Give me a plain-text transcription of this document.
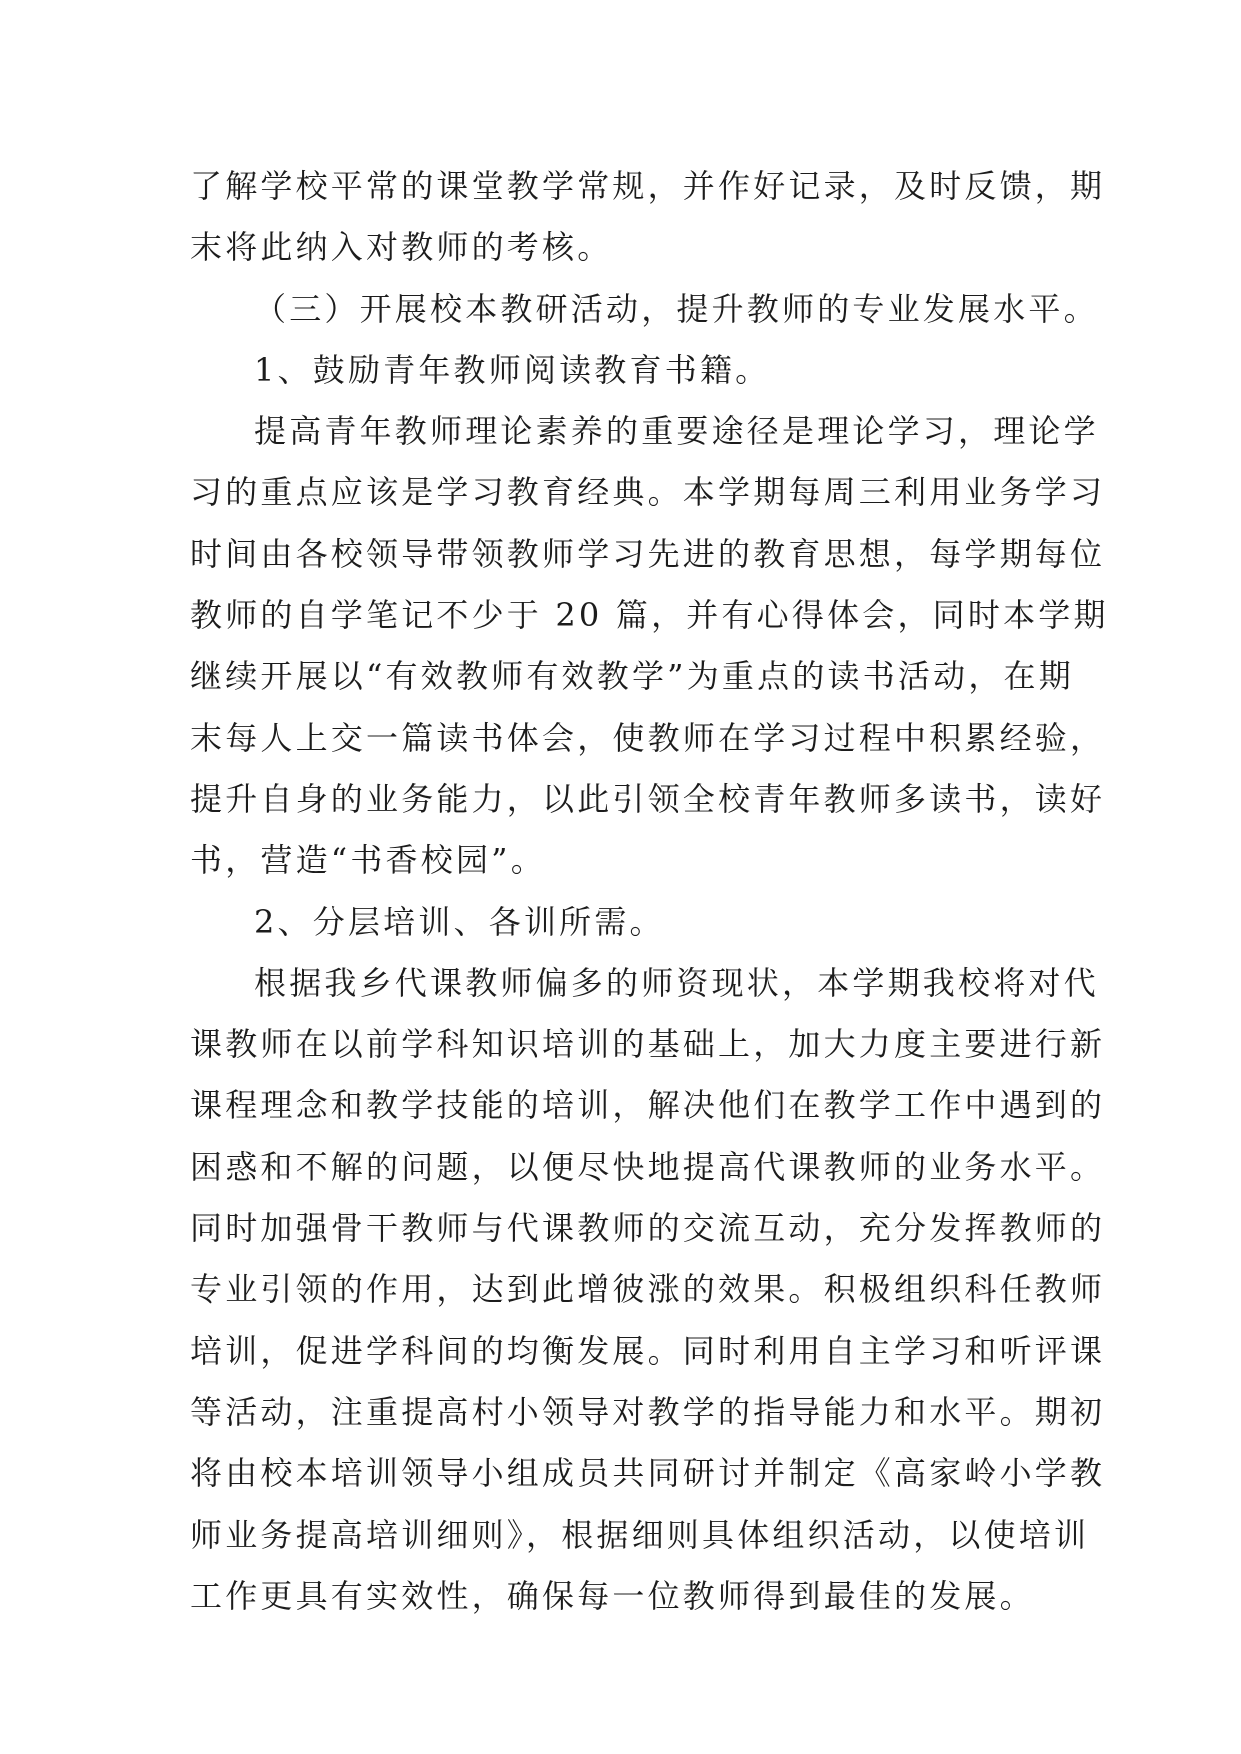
了解学校平常的课堂教学常规，并作好记录，及时反馈，期
末将此纳入对教师的考核。
（三）开展校本教研活动，提升教师的专业发展水平。
1、鼓励青年教师阅读教育书籍。
提高青年教师理论素养的重要途径是理论学习，理论学
习的重点应该是学习教育经典。本学期每周三利用业务学习
时间由各校领导带领教师学习先进的教育思想，每学期每位
教师的自学笔记不少于 20 篇，并有心得体会，同时本学期
继续开展以“有效教师有效教学”为重点的读书活动，在期
末每人上交一篇读书体会，使教师在学习过程中积累经验，
提升自身的业务能力，以此引领全校青年教师多读书，读好
书，营造“书香校园”。
2、分层培训、各训所需。
根据我乡代课教师偏多的师资现状，本学期我校将对代
课教师在以前学科知识培训的基础上，加大力度主要进行新
课程理念和教学技能的培训，解决他们在教学工作中遇到的
困惑和不解的问题，以便尽快地提高代课教师的业务水平。
同时加强骨干教师与代课教师的交流互动，充分发挥教师的
专业引领的作用，达到此增彼涨的效果。积极组织科任教师
培训，促进学科间的均衡发展。同时利用自主学习和听评课
等活动，注重提高村小领导对教学的指导能力和水平。期初
将由校本培训领导小组成员共同研讨并制定《高家岭小学教
师业务提高培训细则》，根据细则具体组织活动，以使培训
工作更具有实效性，确保每一位教师得到最佳的发展。
